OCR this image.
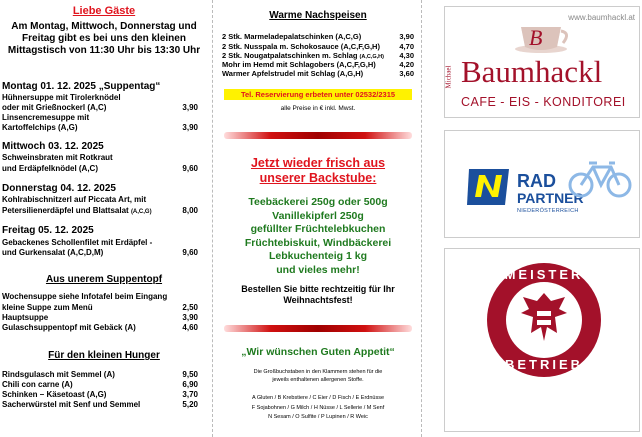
Liebe Gäste
Am Montag, Mittwoch, Donnerstag und
Freitag gibt es bei uns den kleinen
Mittagstisch von 11:30 Uhr bis 13:30 Uhr
Montag 01. 12. 2025 „Suppentag“
Hühnersuppe mit Tirolerknödel
oder mit Grießnockerl (A,C)	3,90
Linsencremesuppe mit
Kartoffelchips (A,G)	3,90
Mittwoch 03. 12. 2025
Schweinsbraten mit Rotkraut
und Erdäpfelknödel (A,C)	9,60
Donnerstag 04. 12. 2025
Kohlrabischnitzerl auf Piccata Art, mit
Petersilienerdäpfel und Blattsalat (A,C,G)	8,00
Freitag 05. 12. 2025
Gebackenes Schollenfilet mit Erdäpfel -
und Gurkensalat (A,C,D,M)	9,60
Aus unerem Suppentopf
Wochensuppe siehe Infotafel beim Eingang
kleine Suppe zum Menü	2,50
Hauptsuppe	3,90
Gulaschsuppentopf mit Gebäck (A)	4,60
Für den kleinen Hunger
Rindsgulasch mit Semmel (A)	9,50
Chili con carne (A)	6,90
Schinken – Käsetoast (A,G)	3,70
Sacherwürstel mit Senf und Semmel	5,20
Warme Nachspeisen
2 Stk. Marmeladepalatschinken (A,C,G)	3,90
2 Stk. Nusspala m. Schokosauce (A,C,F,G,H)	4,70
2 Stk. Nougatpalatschinken m. Schlag (A,C,G,H) 4,30
Mohr im Hemd mit Schlagobers (A,C,F,G,H)	4,20
Warmer Apfelstrudel mit Schlag (A,G,H)	3,60
Tel. Reservierung erbeten unter 02532/2315
alle Preise in € inkl. Mwst.
Jetzt wieder frisch aus
unserer Backstube:
Teebäckerei 250g oder 500g
Vanillekipferl 250g
gefüllter Früchtelebkuchen
Früchtebiskuit, Windbäckerei
Lebkuchenteig 1 kg
und vieles mehr!
Bestellen Sie bitte rechtzeitig für Ihr
Weihnachtsfest!
„Wir wünschen Guten Appetit“
Die Großbuchstaben in den Klammern stehen für die
jeweils enthaltenen allergenen Stoffe.
A Gluten / B Krebstiere / C Eier / D Fisch / E Erdnüsse
F Sojabohnen / G Milch / H Nüsse / L Sellerie / M Senf
N Sesam / O Sulfite / P Lupinen / R Weic
www.baumhackl.at
B
Michael Baumhackl
CAFE - EIS - KONDITOREI
RAD
PARTNER
NIEDERÖSTERREICH
MEISTER
BETRIEB
